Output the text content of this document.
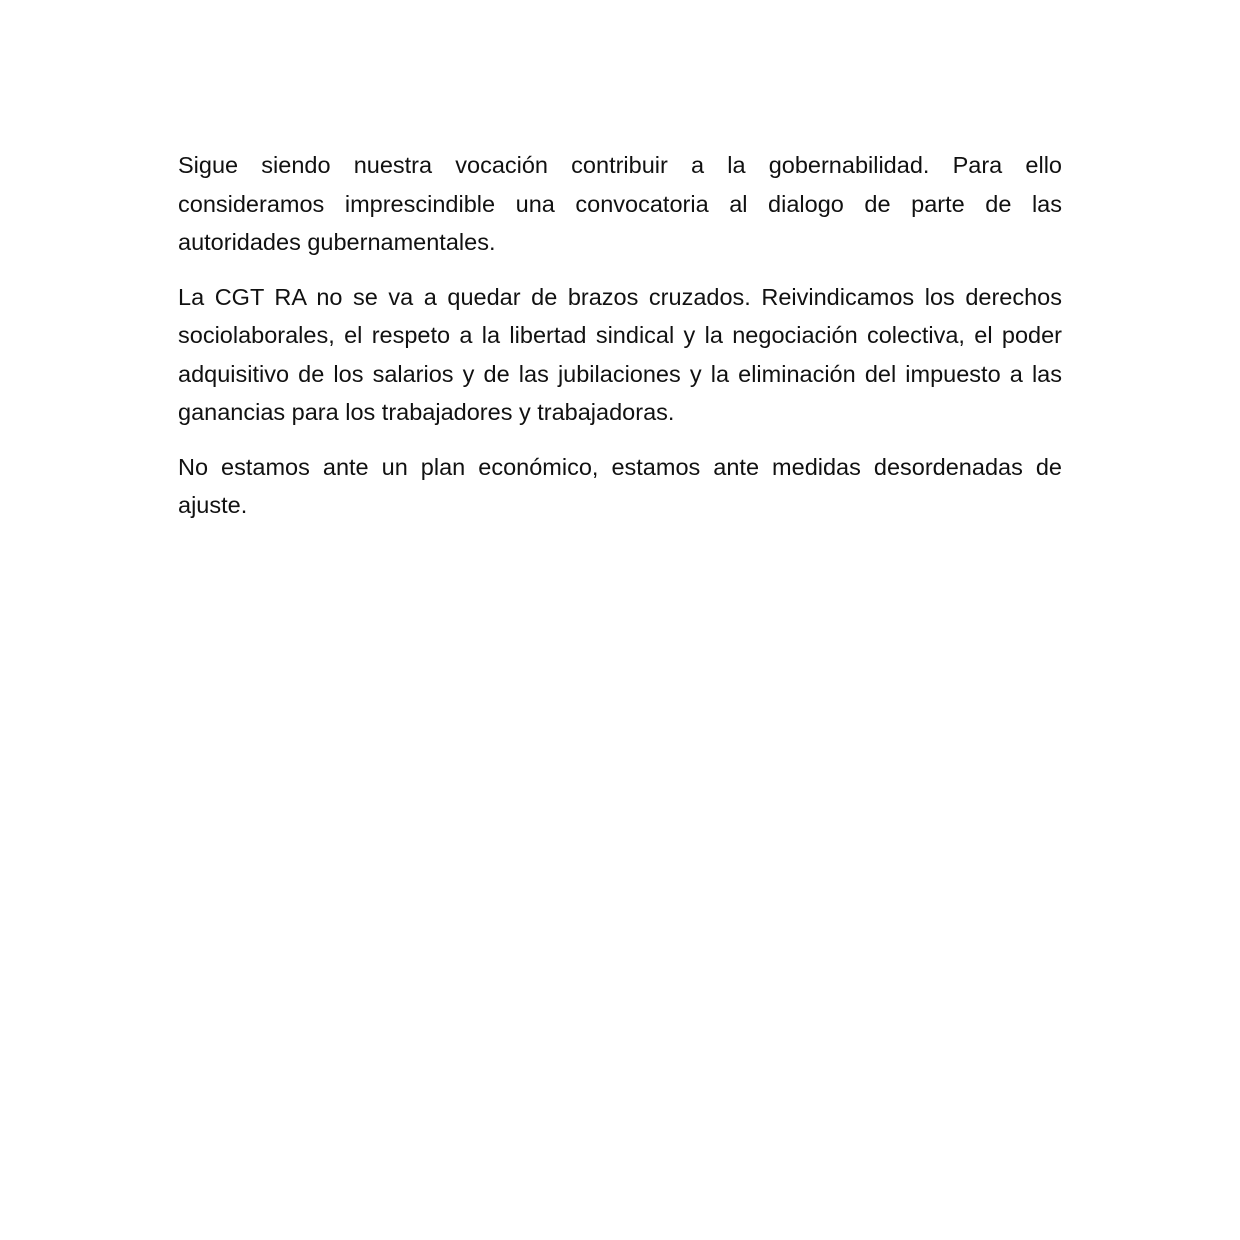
Sigue siendo nuestra vocación contribuir a la gobernabilidad. Para ello consideramos imprescindible una convocatoria al dialogo de parte de las autoridades gubernamentales.

La CGT RA no se va a quedar de brazos cruzados. Reivindicamos los derechos sociolaborales, el respeto a la libertad sindical y la negociación colectiva, el poder adquisitivo de los salarios y de las jubilaciones y la eliminación del impuesto a las ganancias para los trabajadores y trabajadoras.

No estamos ante un plan económico, estamos ante medidas desordenadas de ajuste.
